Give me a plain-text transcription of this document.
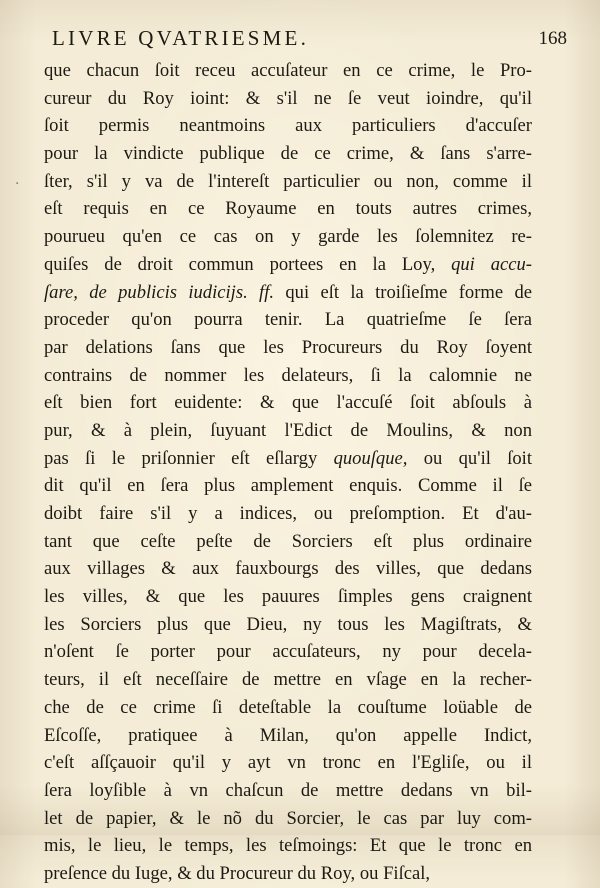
LIVRE QVATRIESME.	168
·
que chacun ſoit receu accuſateur en ce crime, le Pro-
cureur du Roy ioint: & s'il ne ſe veut ioindre, qu'il
ſoit permis neantmoins aux particuliers d'accuſer
pour la vindicte publique de ce crime, & ſans s'arre-
ſter, s'il y va de l'intereſt particulier ou non, comme il
eſt requis en ce Royaume en touts autres crimes,
pourueu qu'en ce cas on y garde les ſolemnitez re-
quiſes de droit commun portees en la Loy, qui accu-
ſare, de publicis iudicijs. ff. qui eſt la troiſieſme forme de
proceder qu'on pourra tenir. La quatrieſme ſe ſera
par delations ſans que les Procureurs du Roy ſoyent
contrains de nommer les delateurs, ſi la calomnie ne
eſt bien fort euidente: & que l'accuſé ſoit abſouls à
pur, & à plein, ſuyuant l'Edict de Moulins, & non
pas ſi le priſonnier eſt eſlargy quouſque, ou qu'il ſoit
dit qu'il en ſera plus amplement enquis. Comme il ſe
doibt faire s'il y a indices, ou preſomption. Et d'au-
tant que ceſte peſte de Sorciers eſt plus ordinaire
aux villages & aux fauxbourgs des villes, que dedans
les villes, & que les pauures ſimples gens craignent
les Sorciers plus que Dieu, ny tous les Magiſtrats, &
n'oſent ſe porter pour accuſateurs, ny pour decela-
teurs, il eſt neceſſaire de mettre en vſage en la recher-
che de ce crime ſi deteſtable la couſtume loüable de
Eſcoſſe, pratiquee à Milan, qu'on appelle Indict,
c'eſt aſſçauoir qu'il y ayt vn tronc en l'Egliſe, ou il
ſera loyſible à vn chaſcun de mettre dedans vn bil-
let de papier, & le nõ du Sorcier, le cas par luy com-
mis, le lieu, le temps, les teſmoings: Et que le tronc en
preſence du Iuge, & du Procureur du Roy, ou Fiſcal,
